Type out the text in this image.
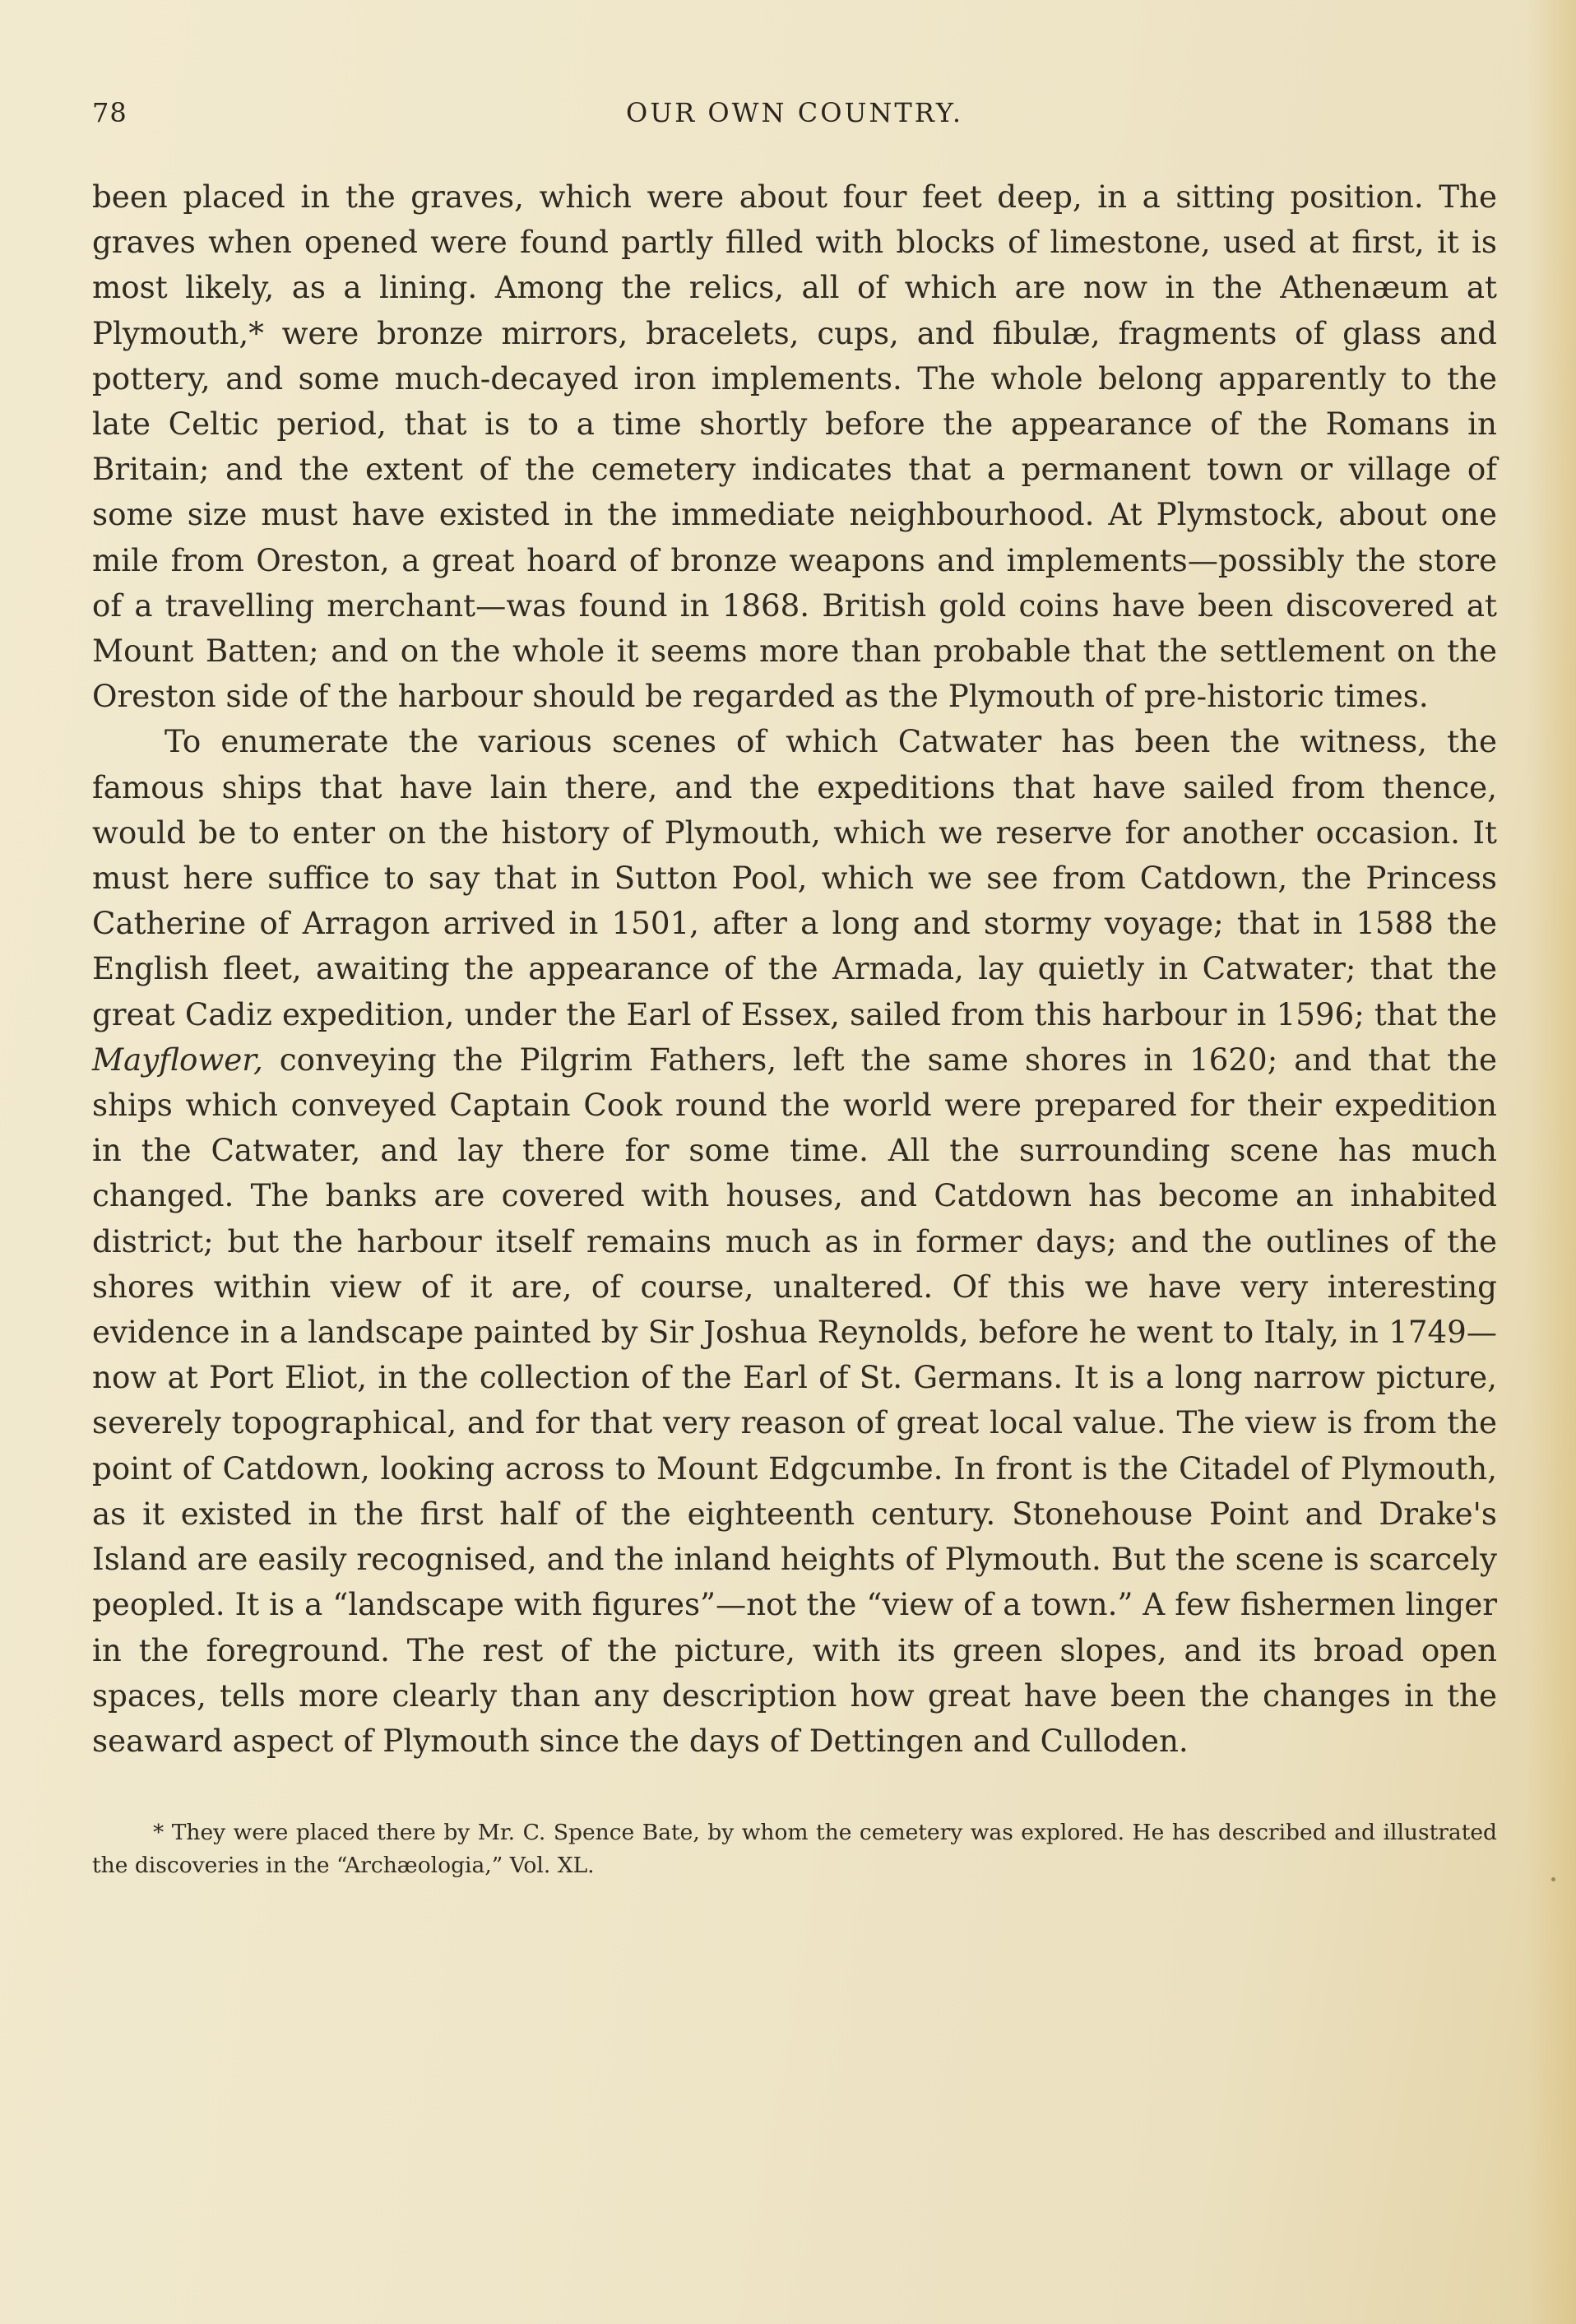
78	OUR OWN COUNTRY.

been placed in the graves, which were about four feet deep, in a sitting position. The graves when opened were found partly filled with blocks of limestone, used at first, it is most likely, as a lining. Among the relics, all of which are now in the Athenæum at Plymouth,* were bronze mirrors, bracelets, cups, and fibulæ, fragments of glass and pottery, and some much-decayed iron implements. The whole belong apparently to the late Celtic period, that is to a time shortly before the appearance of the Romans in Britain; and the extent of the cemetery indicates that a permanent town or village of some size must have existed in the immediate neighbourhood. At Plymstock, about one mile from Oreston, a great hoard of bronze weapons and implements—possibly the store of a travelling merchant—was found in 1868. British gold coins have been discovered at Mount Batten; and on the whole it seems more than probable that the settlement on the Oreston side of the harbour should be regarded as the Plymouth of pre-historic times.

To enumerate the various scenes of which Catwater has been the witness, the famous ships that have lain there, and the expeditions that have sailed from thence, would be to enter on the history of Plymouth, which we reserve for another occasion. It must here suffice to say that in Sutton Pool, which we see from Catdown, the Princess Catherine of Arragon arrived in 1501, after a long and stormy voyage; that in 1588 the English fleet, awaiting the appearance of the Armada, lay quietly in Catwater; that the great Cadiz expedition, under the Earl of Essex, sailed from this harbour in 1596; that the Mayflower, conveying the Pilgrim Fathers, left the same shores in 1620; and that the ships which conveyed Captain Cook round the world were prepared for their expedition in the Catwater, and lay there for some time. All the surrounding scene has much changed. The banks are covered with houses, and Catdown has become an inhabited district; but the harbour itself remains much as in former days; and the outlines of the shores within view of it are, of course, unaltered. Of this we have very interesting evidence in a landscape painted by Sir Joshua Reynolds, before he went to Italy, in 1749—now at Port Eliot, in the collection of the Earl of St. Germans. It is a long narrow picture, severely topographical, and for that very reason of great local value. The view is from the point of Catdown, looking across to Mount Edgcumbe. In front is the Citadel of Plymouth, as it existed in the first half of the eighteenth century. Stonehouse Point and Drake's Island are easily recognised, and the inland heights of Plymouth. But the scene is scarcely peopled. It is a “landscape with figures”—not the “view of a town.” A few fishermen linger in the foreground. The rest of the picture, with its green slopes, and its broad open spaces, tells more clearly than any description how great have been the changes in the seaward aspect of Plymouth since the days of Dettingen and Culloden.

* They were placed there by Mr. C. Spence Bate, by whom the cemetery was explored. He has described and illustrated the discoveries in the “Archæologia,” Vol. XL.
